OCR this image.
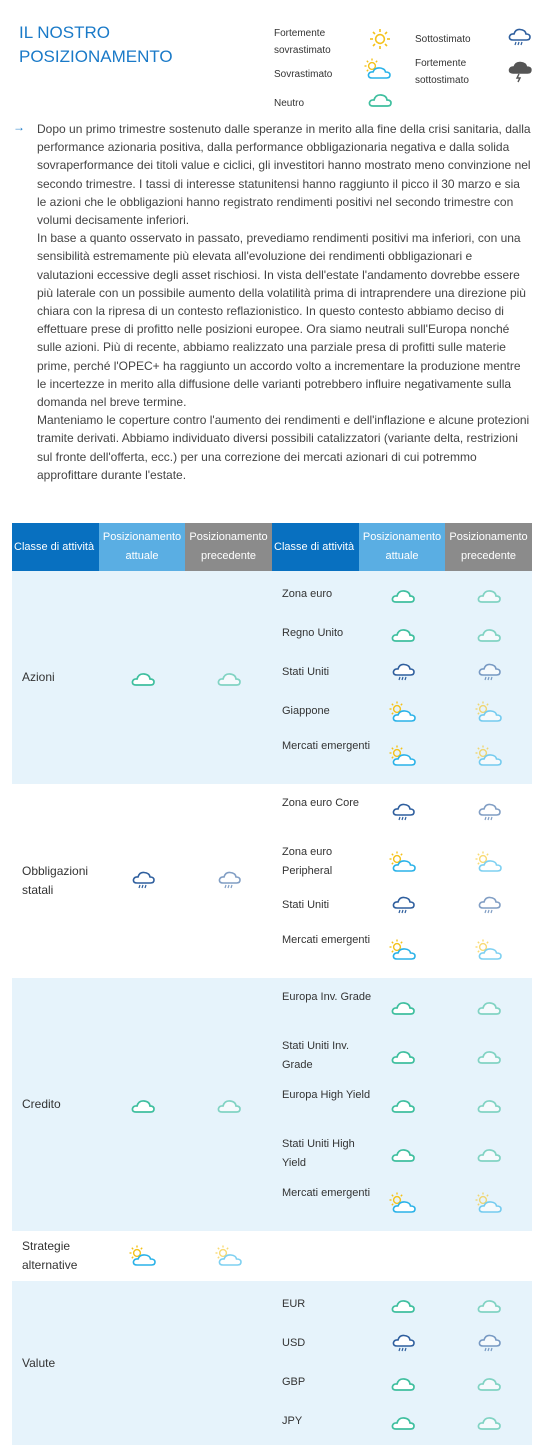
IL NOSTRO POSIZIONAMENTO
Fortemente sovrastimato
Sovrastimato
Neutro
Sottostimato
Fortemente sottostimato
→ Dopo un primo trimestre sostenuto dalle speranze in merito alla fine della crisi sanitaria, dalla performance azionaria positiva, dalla performance obbligazionaria negativa e dalla solida sovraperformance dei titoli value e ciclici, gli investitori hanno mostrato meno convinzione nel secondo trimestre. I tassi di interesse statunitensi hanno raggiunto il picco il 30 marzo e sia le azioni che le obbligazioni hanno registrato rendimenti positivi nel secondo trimestre con volumi decisamente inferiori.

In base a quanto osservato in passato, prevediamo rendimenti positivi ma inferiori, con una sensibilità estremamente più elevata all'evoluzione dei rendimenti obbligazionari e valutazioni eccessive degli asset rischiosi. In vista dell'estate l'andamento dovrebbe essere più laterale con un possibile aumento della volatilità prima di intraprendere una direzione più chiara con la ripresa di un contesto reflazionistico. In questo contesto abbiamo deciso di effettuare prese di profitto nelle posizioni europee. Ora siamo neutrali sull'Europa nonché sulle azioni. Più di recente, abbiamo realizzato una parziale presa di profitti sulle materie prime, perché l'OPEC+ ha raggiunto un accordo volto a incrementare la produzione mentre le incertezze in merito alla diffusione delle varianti potrebbero influire negativamente sulla domanda nel breve termine.

Manteniamo le coperture contro l'aumento dei rendimenti e dell'inflazione e alcune protezioni tramite derivati. Abbiamo individuato diversi possibili catalizzatori (variante delta, restrizioni sul fronte dell'offerta, ecc.) per una correzione dei mercati azionari di cui potremmo approfittare durante l'estate.

Classe di attività
Posizionamento attuale
Posizionamento precedente
Classe di attività
Posizionamento attuale
Posizionamento precedente
Azioni
Zona euro
Regno Unito
Stati Uniti
Giappone
Mercati emergenti
Obbligazioni statali
Zona euro Core
Zona euro Peripheral
Stati Uniti
Mercati emergenti
Credito
Europa Inv. Grade
Stati Uniti Inv. Grade
Europa High Yield
Stati Uniti High Yield
Mercati emergenti
Strategie alternative
Valute
EUR
USD
GBP
JPY
